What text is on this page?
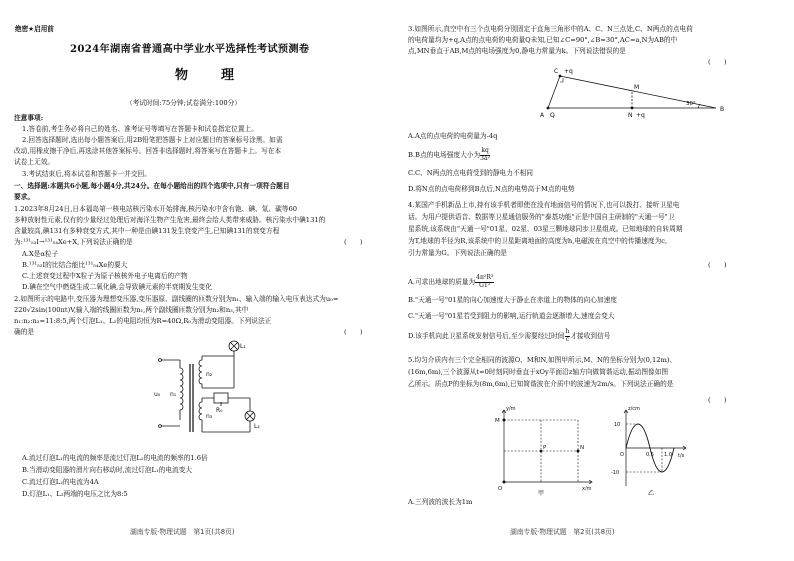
绝密★启用前
2024年湖南省普通高中学业水平选择性考试预测卷
物　理
（考试时间:75分钟;试卷满分:100分）
注意事项:
1.答卷前,考生务必将自己的姓名、准考证号等填写在答题卡和试卷指定位置上。
2.回答选择题时,选出每小题答案后,用2B铅笔把答题卡上对应题目的答案标号涂黑。如需
改动,用橡皮擦干净后,再选涂其他答案标号。回答非选择题时,将答案写在答题卡上。写在本
试卷上无效。
3.考试结束后,将本试卷和答题卡一并交回。
一、选择题:本题共6小题,每小题4分,共24分。在每小题给出的四个选项中,只有一项符合题目
要求。
1.2023年8月24日,日本福岛第一核电站核污染水开始排海,核污染水中含有铯、碘、氚、碳等60
多种放射性元素,仅有的少量经过处理后对海洋生物产生危害,最终会给人类带来威胁。核污染水中碘131的
含量较高,碘131有多种衰变方式,其中一种是由碘131发生衰变产生,已知碘131的衰变方程
为:¹³¹₅₃I→¹³¹₅₄Xe+X,下列说法正确的是	(　　)
A.X是α粒子
B.¹³¹₅₃I的比结合能比¹³¹₅₄Xe的要大
C.上述衰变过程中X粒子为原子核核外电子电离后的产物
D.碘在空气中燃烧生成二氧化碘,会导致碘元素的半衰期发生变化
2.如图所示的电路中,变压器为理想变压器,变压器原、副线圈的匝数分别为n₁、输入端的输入电压表达式为u₀=
220√2sin(100πt)V,输入端的线圈匝数为n₁,两个副线圈匝数分别为n₂和n₃,其中
n₁:n₂:n₃=11:8:5,两个灯泡L₁、L₂的电阻均恒为R=40Ω,R₀为滑动变阻器。下列说法正
确的是	(　　)
u₀ n₁
n₂
n₃
L₁
L₂
R₀
A.流过灯泡L₁的电流的频率是流过灯泡L₂的电流的频率的1.6倍
B.当滑动变阻器的滑片向右移动时,流过灯泡L₁的电流变大
C.流过灯泡L₂的电流为4A
D.灯泡L₁、L₂两端的电压之比为8:5
湖南专版·物理试题　第1页(共8页)
3.如图所示,真空中有三个点电荷分别固定于直角三角形中的A、C、N三点处,C、N两点的点电荷
的电荷量均为+q,A点的点电荷的电荷量Q未知,已知∠C=90°,∠B=30°,AC=a,N为AB的中
点,MN垂直于AB,M点的电场强度为0,静电力常量为k。下列说法错误的是
(　　)
C +q
M
N +q
A Q
B
30°
A.A点的点电荷的电荷量为-4q
B.B点的电场强度大小为 $\frac{kq}{\text{3a²}}$
C.C、N两点的点电荷受到的静电力不相同
D.将N点的点电荷移到B点后,N点的电势高于M点的电势
4.某国产手机新品上市,持有该手机者即使在没有地面信号的情况下,也可以拨打、接听卫星电
话。为用户提供语音、数据等卫星通信服务的"泰基功能"正是中国自主研制的"天通一号"卫
星系统,该系统由"天通一号"01星、02星、03星三颗地球同步卫星组成。已知地球的自转周期
为T,地球的半径为R,该系统中的卫星距离地面的高度为h,电磁波在真空中的传播速度为c,
引力常量为G。下列说法正确的是
(　　)
A.可求出地球的质量为 $\frac{\text{4π²R³}}{\text{GT²}}$
B."天通一号"01星的向心加速度大于静止在赤道上的物体的向心加速度
C."天通一号"01星若受到阻力的影响,运行轨道会逐渐增大,速度会变大
D.该手机向此卫星系统发射信号后,至少需要经过时间 $\frac{h}{c}$ 才接收到信号
5.均匀介质内有三个完全相同的波源O、M和N,如图甲所示,M、N的坐标分别为(0,12m)、
(16m,6m),三个波源从t=0时刻同时垂直于xOy平面沿z轴方向做简谐运动,振动图像如图
乙所示。质点P的坐标为(8m,6m),已知简谐波在介质中的波速为2m/s。下列说法正确的是
(　　)
y/m
x/m
O
M
N
P
甲
z/cm
t/s
10
-10
O	0.5 1.0
乙
A.三列波的波长为1m
湖南专版·物理试题　第2页(共8页)
